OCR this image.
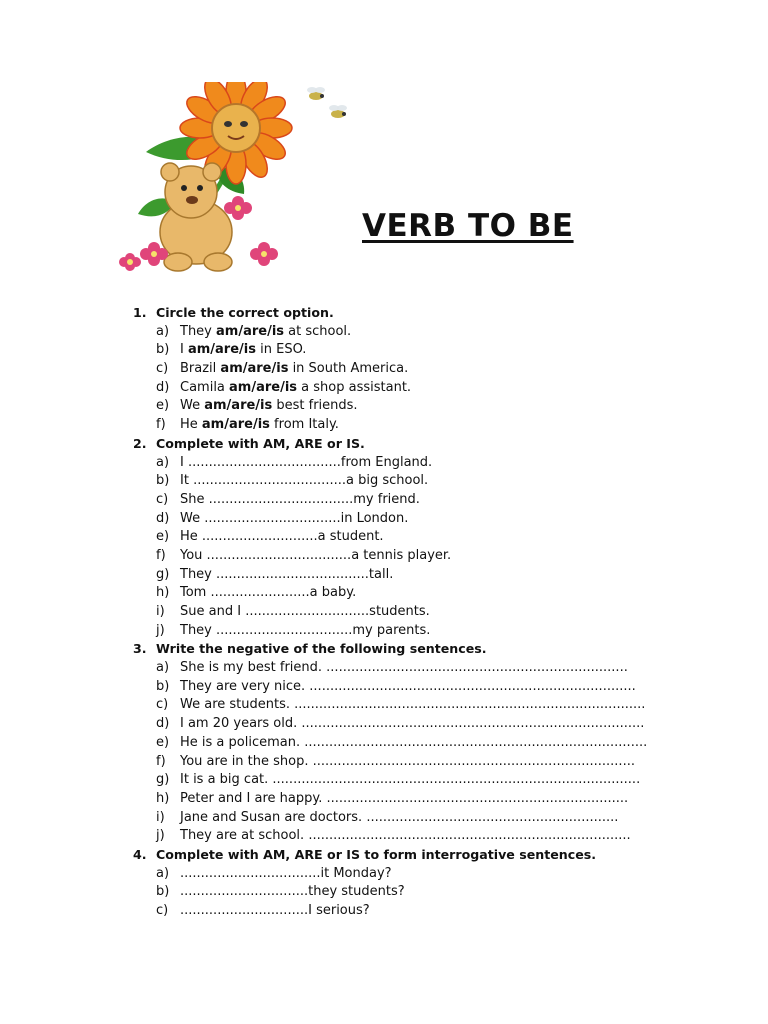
VERB TO BE
1. Circle the correct option.
a) They am/are/is at school.
b) I am/are/is in ESO.
c) Brazil am/are/is in South America.
d) Camila am/are/is a shop assistant.
e) We am/are/is best friends.
f) He am/are/is from Italy.
2. Complete with AM, ARE or IS.
a) I .....................................from England.
b) It .....................................a big school.
c) She ...................................my friend.
d) We .................................in London.
e) He ............................a student.
f) You ...................................a tennis player.
g) They .....................................tall.
h) Tom ........................a baby.
i) Sue and I ..............................students.
j) They .................................my parents.
3. Write the negative of the following sentences.
a) She is my best friend. .........................................................................
b) They are very nice. ...............................................................................
c) We are students. .....................................................................................
d) I am 20 years old. ...................................................................................
e) He is a policeman. ...................................................................................
f) You are in the shop. ..............................................................................
g) It is a big cat. .........................................................................................
h) Peter and I are happy. .........................................................................
i) Jane and Susan are doctors. .............................................................
j) They are at school. ..............................................................................
4. Complete with AM, ARE or IS to form interrogative sentences.
a) ..................................it Monday?
b) ...............................they students?
c) ...............................I serious?
